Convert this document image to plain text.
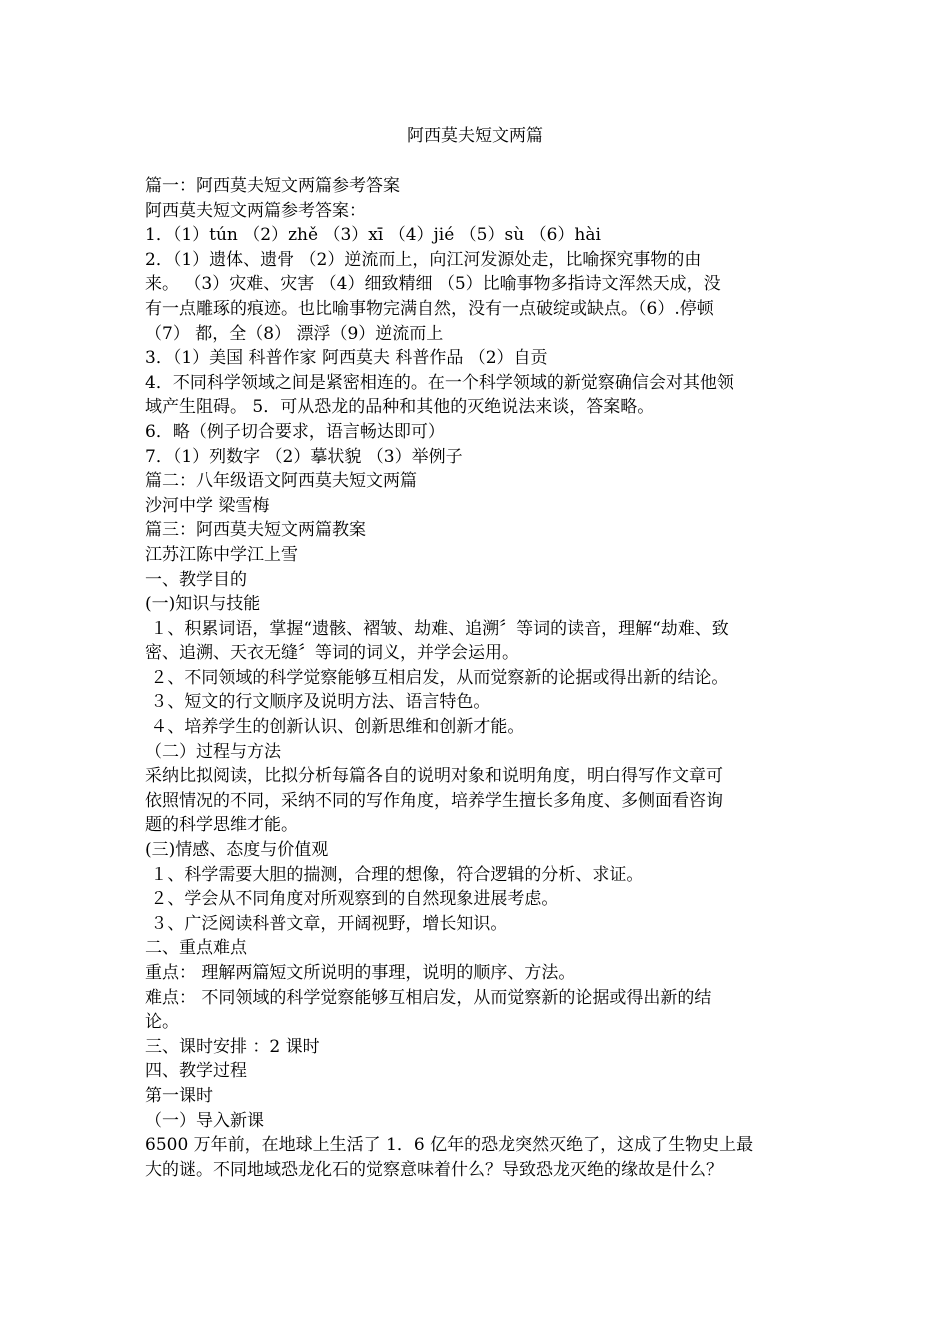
阿西莫夫短文两篇
篇一：阿西莫夫短文两篇参考答案
阿西莫夫短文两篇参考答案：
1．（1）tún （2）zhě （3）xī （4）jié （5）sù （6）hài
2．（1）遗体、遗骨 （2）逆流而上，向江河发源处走，比喻探究事物的由
来。 （3）灾难、灾害 （4）细致精细 （5）比喻事物多指诗文浑然天成，没
有一点雕琢的痕迹。也比喻事物完满自然，没有一点破绽或缺点。（6）.停顿
（7） 都，全（8） 漂浮（9）逆流而上
3．（1）美国 科普作家 阿西莫夫 科普作品 （2）自贡
4．不同科学领域之间是紧密相连的。在一个科学领域的新觉察确信会对其他领
域产生阻碍。 5．可从恐龙的品种和其他的灭绝说法来谈，答案略。
6．略（例子切合要求，语言畅达即可）
7．（1）列数字 （2）摹状貌 （3）举例子
篇二：八年级语文阿西莫夫短文两篇
沙河中学 梁雪梅
篇三：阿西莫夫短文两篇教案
江苏江陈中学江上雪
一、教学目的
(一)知识与技能
１、积累词语，掌握“遗骸、褶皱、劫难、追溯〞等词的读音，理解“劫难、致
密、追溯、天衣无缝〞等词的词义，并学会运用。
２、不同领域的科学觉察能够互相启发，从而觉察新的论据或得出新的结论。
３、短文的行文顺序及说明方法、语言特色。
４、培养学生的创新认识、创新思维和创新才能。
（二）过程与方法
采纳比拟阅读，比拟分析每篇各自的说明对象和说明角度，明白得写作文章可
依照情况的不同，采纳不同的写作角度，培养学生擅长多角度、多侧面看咨询
题的科学思维才能。
(三)情感、态度与价值观
１、科学需要大胆的揣测，合理的想像，符合逻辑的分析、求证。
２、学会从不同角度对所观察到的自然现象进展考虑。
３、广泛阅读科普文章，开阔视野，增长知识。
二、重点难点
重点： 理解两篇短文所说明的事理，说明的顺序、方法。
难点： 不同领域的科学觉察能够互相启发，从而觉察新的论据或得出新的结
论。
三、课时安排 ：2 课时
四、教学过程
第一课时
（一）导入新课
6500 万年前，在地球上生活了 1．6 亿年的恐龙突然灭绝了，这成了生物史上最
大的谜。不同地域恐龙化石的觉察意味着什么？导致恐龙灭绝的缘故是什么？
